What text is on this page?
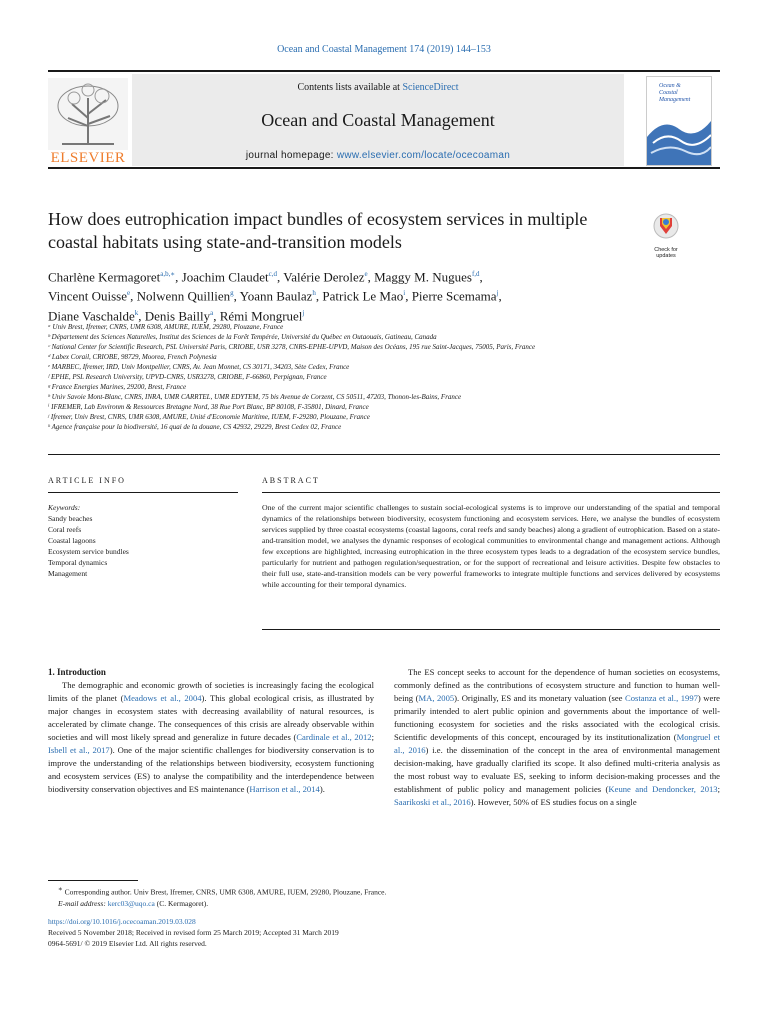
Ocean and Coastal Management 174 (2019) 144–153
ELSEVIER
Contents lists available at ScienceDirect
Ocean and Coastal Management
journal homepage: www.elsevier.com/locate/ocecoaman
Ocean &
Coastal
Management
How does eutrophication impact bundles of ecosystem services in multiple
coastal habitats using state-and-transition models	Check for updates
Charlène Kermagoret$^{a,b,∗}$, Joachim Claudet$^{c,d}$, Valérie Derolez$^e$, Maggy M. Nugues$^{f,d}$,
Vincent Ouisse$^e$, Nolwenn Quillien$^g$, Yoann Baulaz$^h$, Patrick Le Mao$^i$, Pierre Scemama$^j$,
Diane Vaschalde$^k$, Denis Bailly$^a$, Rémi Mongruel$^j$
ᵃ Univ Brest, Ifremer, CNRS, UMR 6308, AMURE, IUEM, 29280, Plouzane, France
ᵇ Département des Sciences Naturelles, Institut des Sciences de la Forêt Tempérée, Université du Québec en Outaouais, Gatineau, Canada
ᶜ National Center for Scientific Research, PSL Université Paris, CRIOBE, USR 3278, CNRS-EPHE-UPVD, Maison des Océans, 195 rue Saint-Jacques, 75005, Paris, France
ᵈ Labex Corail, CRIOBE, 98729, Moorea, French Polynesia
ᵉ MARBEC, Ifremer, IRD, Univ Montpellier, CNRS, Av. Jean Monnet, CS 30171, 34203, Sète Cedex, France
ᶠ EPHE, PSL Research University, UPVD-CNRS, USR3278, CRIOBE, F-66860, Perpignan, France
ᵍ France Energies Marines, 29200, Brest, France
ʰ Univ Savoie Mont-Blanc, CNRS, INRA, UMR CARRTEL, UMR EDYTEM, 75 bis Avenue de Corzent, CS 50511, 47203, Thonon-les-Bains, France
ⁱ IFREMER, Lab Environm & Ressources Bretagne Nord, 38 Rue Port Blanc, BP 80108, F-35801, Dinard, France
ʲ Ifremer, Univ Brest, CNRS, UMR 6308, AMURE, Unité d'Economie Maritime, IUEM, F-29280, Plouzane, France
ᵏ Agence française pour la biodiversité, 16 quai de la douane, CS 42932, 29229, Brest Cedex 02, France
ARTICLE INFO	ABSTRACT
Keywords:
Sandy beaches
Coral reefs
Coastal lagoons
Ecosystem service bundles
Temporal dynamics
Management
One of the current major scientific challenges to sustain social-ecological systems is to improve our understanding of the spatial and temporal dynamics of the relationships between biodiversity, ecosystem functioning and ecosystem services. Here, we analyse the bundles of ecosystem services supplied by three coastal ecosystems (coastal lagoons, coral reefs and sandy beaches) along a gradient of eutrophication. Based on a state-and-transition model, we analyses the dynamic responses of ecological communities to environmental change and management actions. Although few exceptions are highlighted, increasing eutrophication in the three ecosystem types leads to a degradation of the ecosystem service bundles, particularly for nutrient and pathogen regulation/sequestration, or for the support of recreational and leisure activities. Despite few obstacles to their full use, state-and-transition models can be very powerful frameworks to integrate multiple functions and services delivered by ecosystems while accounting for their temporal dynamics.

1. Introduction

The demographic and economic growth of societies is increasingly facing the ecological limits of the planet (Meadows et al., 2004). This global ecological crisis, as illustrated by major changes in ecosystem states with decreasing availability of natural resources, is accelerated by climate change. The consequences of this crisis are already observable within societies and will most likely spread and generalize in future decades (Cardinale et al., 2012; Isbell et al., 2017). One of the major scientific challenges for biodiversity conservation is to improve the understanding of the relationships between biodiversity, ecosystem functioning and ecosystem services (ES) to analyse the compatibility and the interdependence between biodiversity conservation objectives and ES maintenance (Harrison et al., 2014).

The ES concept seeks to account for the dependence of human societies on ecosystems, commonly defined as the contributions of ecosystem structure and function to human well-being (MA, 2005). Originally, ES and its monetary valuation (see Costanza et al., 1997) were primarily intended to alert public opinion and governments about the importance of well-functioning ecosystem for societies and the risks associated with the ecological crisis. Scientific developments of this concept, encouraged by its institutionalization (Mongruel et al., 2016) i.e. the dissemination of the concept in the area of environmental management decision-making, have gradually clarified its scope. It also defined multi-criteria analysis as the most robust way to evaluate ES, seeking to inform decision-making processes and the establishment of public policy and management policies (Keune and Dendoncker, 2013; Saarikoski et al., 2016). However, 50% of ES studies focus on a single

∗ Corresponding author. Univ Brest, Ifremer, CNRS, UMR 6308, AMURE, IUEM, 29280, Plouzane, France.
E-mail address: kerc03@uqo.ca (C. Kermagoret).
https://doi.org/10.1016/j.ocecoaman.2019.03.028
Received 5 November 2018; Received in revised form 25 March 2019; Accepted 31 March 2019
0964-5691/ © 2019 Elsevier Ltd. All rights reserved.
